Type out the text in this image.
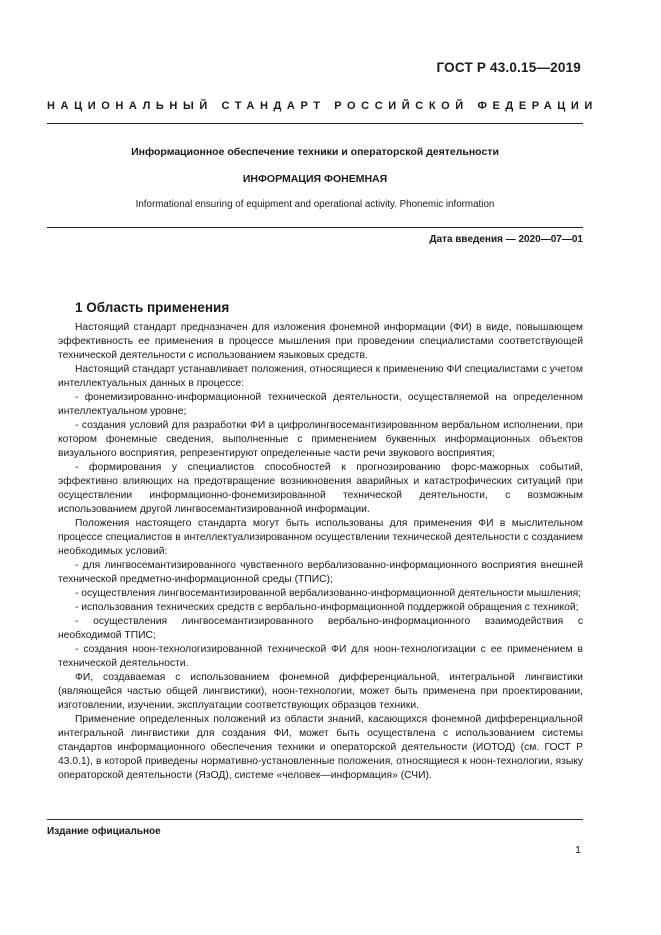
ГОСТ Р 43.0.15—2019
НАЦИОНАЛЬНЫЙ СТАНДАРТ РОССИЙСКОЙ ФЕДЕРАЦИИ
Информационное обеспечение техники и операторской деятельности
ИНФОРМАЦИЯ ФОНЕМНАЯ
Informational ensuring of equipment and operational activity. Phonemic information
Дата введения — 2020—07—01
1 Область применения

Настоящий стандарт предназначен для изложения фонемной информации (ФИ) в виде, повышающем эффективность ее применения в процессе мышления при проведении специалистами соответствующей технической деятельности с использованием языковых средств.

Настоящий стандарт устанавливает положения, относящиеся к применению ФИ специалистами с учетом интеллектуальных данных в процессе:

- фонемизированно-информационной технической деятельности, осуществляемой на определенном интеллектуальном уровне;

- создания условий для разработки ФИ в цифролингвосемантизированном вербальном исполнении, при котором фонемные сведения, выполненные с применением буквенных информационных объектов визуального восприятия, репрезентируют определенные части речи звукового восприятия;

- формирования у специалистов способностей к прогнозированию форс-мажорных событий, эффективно влияющих на предотвращение возникновения аварийных и катастрофических ситуаций при осуществлении информационно-фонемизированной технической деятельности, с возможным использованием другой лингвосемантизированной информации.

Положения настоящего стандарта могут быть использованы для применения ФИ в мыслительном процессе специалистов в интеллектуализированном осуществлении технической деятельности с созданием необходимых условий:

- для лингвосемантизированного чувственного вербализованно-информационного восприятия внешней технической предметно-информационной среды (ТПИС);

- осуществления лингвосемантизированной вербализованно-информационной деятельности мышления;

- использования технических средств с вербально-информационной поддержкой обращения с техникой;

- осуществления лингвосемантизированного вербально-информационного взаимодействия с необходимой ТПИС;

- создания ноон-технологизированной технической ФИ для ноон-технологизации с ее применением в технической деятельности.

ФИ, создаваемая с использованием фонемной дифференциальной, интегральной лингвистики (являющейся частью общей лингвистики), ноон-технологии, может быть применена при проектировании, изготовлении, изучении, эксплуатации соответствующих образцов техники.

Применение определенных положений из области знаний, касающихся фонемной дифференциальной интегральной лингвистики для создания ФИ, может быть осуществлена с использованием системы стандартов информационного обеспечения техники и операторской деятельности (ИОТОД) (см. ГОСТ Р 43.0.1), в которой приведены нормативно-установленные положения, относящиеся к ноон-технологии, языку операторской деятельности (ЯзОД), системе «человек—информация» (СЧИ).

Издание официальное
1
